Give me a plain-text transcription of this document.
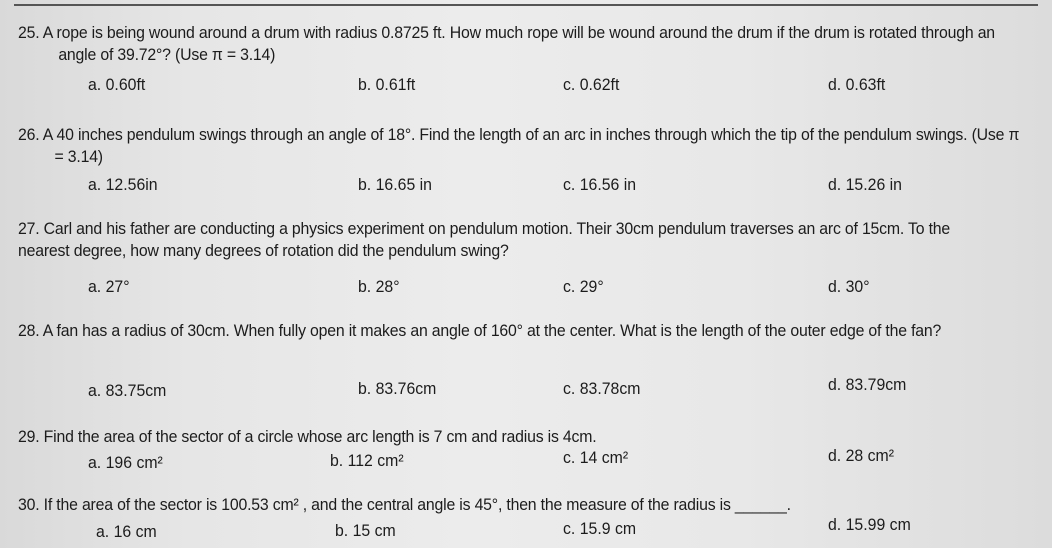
25. A rope is being wound around a drum with radius 0.8725 ft. How much rope will be wound around the drum if the drum is rotated through an angle of 39.72°? (Use π = 3.14)
a. 0.60ft	b. 0.61ft	c. 0.62ft	d. 0.63ft
26. A 40 inches pendulum swings through an angle of 18°. Find the length of an arc in inches through which the tip of the pendulum swings. (Use π = 3.14)
a. 12.56in	b. 16.65 in	c. 16.56 in	d. 15.26 in
27. Carl and his father are conducting a physics experiment on pendulum motion. Their 30cm pendulum traverses an arc of 15cm. To the nearest degree, how many degrees of rotation did the pendulum swing?
a. 27°	b. 28°	c. 29°	d. 30°
28. A fan has a radius of 30cm. When fully open it makes an angle of 160° at the center. What is the length of the outer edge of the fan?
a. 83.75cm	b. 83.76cm	c. 83.78cm	d. 83.79cm
29. Find the area of the sector of a circle whose arc length is 7 cm and radius is 4cm.
a. 196 cm²	b. 112 cm²	c. 14 cm²	d. 28 cm²
30. If the area of the sector is 100.53 cm² , and the central angle is 45°, then the measure of the radius is ______.
a. 16 cm	b. 15 cm	c. 15.9 cm	d. 15.99 cm
